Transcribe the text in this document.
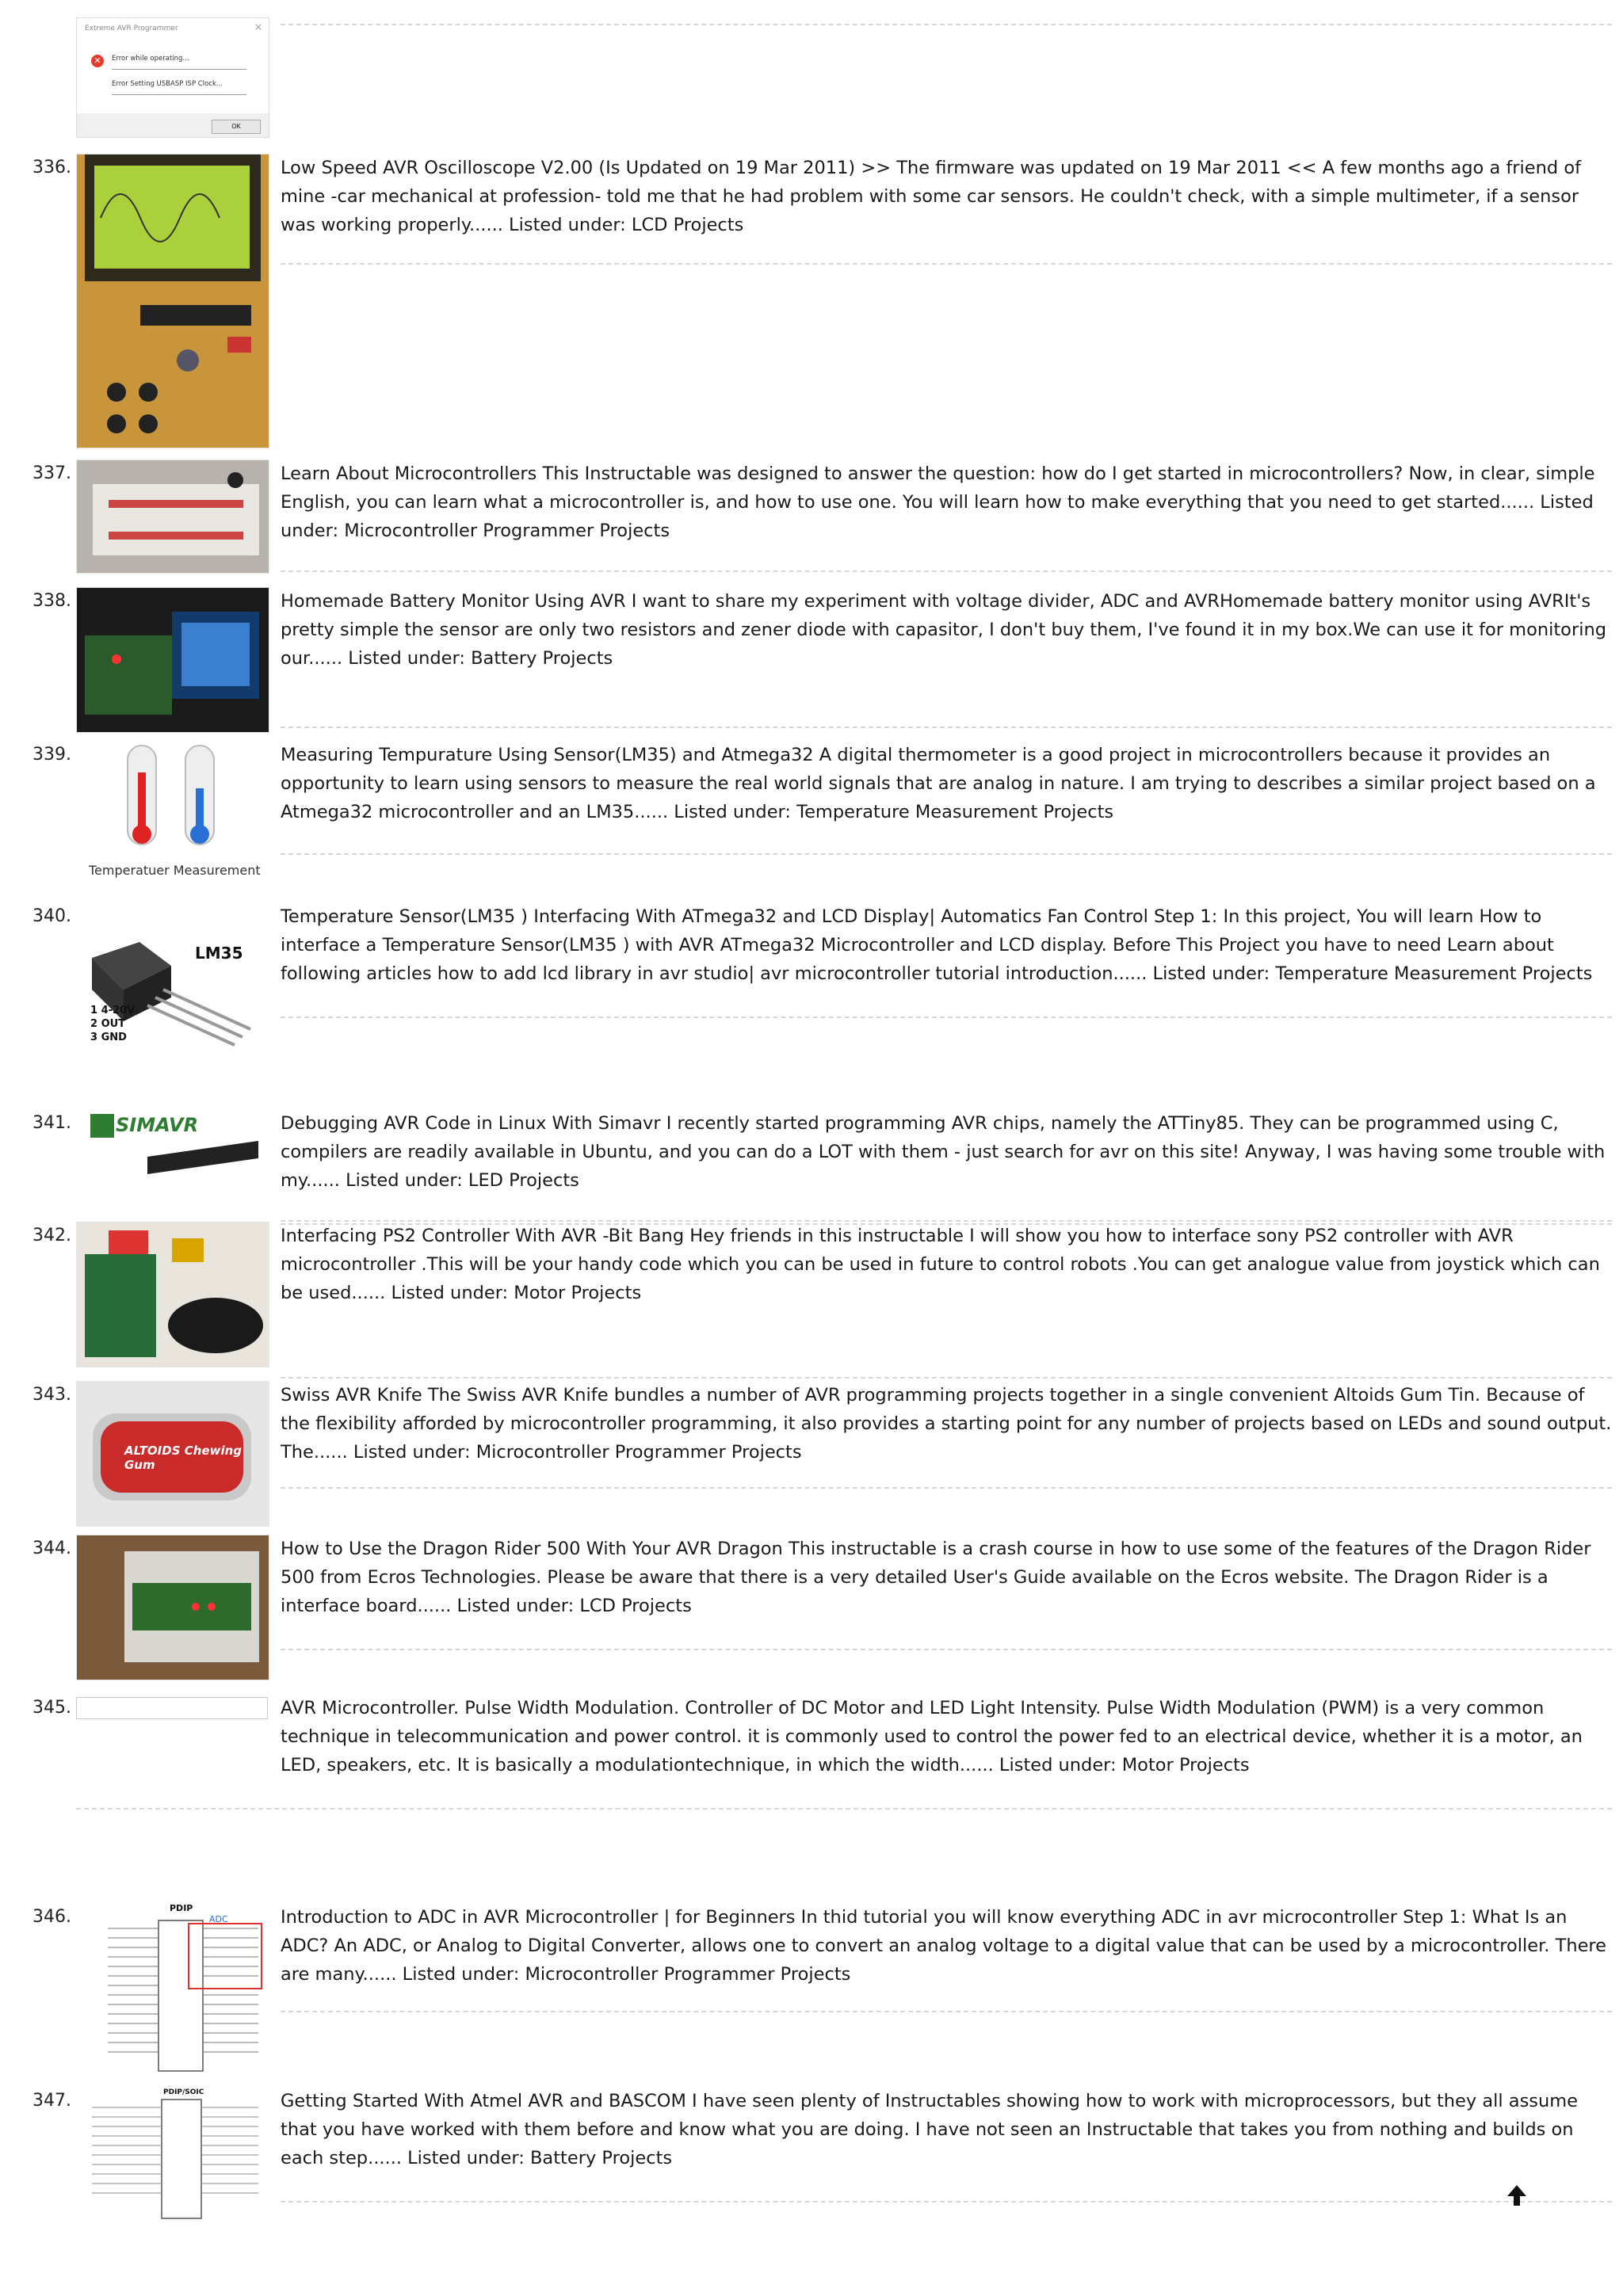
Extreme AVR Programmer	×
✕	Error while operating...
Error Setting USBASP ISP Clock...
OK
336.	Low Speed AVR Oscilloscope V2.00 (Is Updated on 19 Mar 2011) >> The firmware was updated on 19 Mar 2011 << A few months ago a friend of mine -car mechanical at profession- told me that he had problem with some car sensors. He couldn't check, with a simple multimeter, if a sensor was working properly...... Listed under: LCD Projects
337.	Learn About Microcontrollers This Instructable was designed to answer the question: how do I get started in microcontrollers? Now, in clear, simple English, you can learn what a microcontroller is, and how to use one. You will learn how to make everything that you need to get started...... Listed under: Microcontroller Programmer Projects
338.	Homemade Battery Monitor Using AVR I want to share my experiment with voltage divider, ADC and AVRHomemade battery monitor using AVRIt's pretty simple the sensor are only two resistors and zener diode with capasitor, I don't buy them, I've found it in my box.We can use it for monitoring our...... Listed under: Battery Projects
339.
Temperatuer Measurement
Measuring Tempurature Using Sensor(LM35) and Atmega32 A digital thermometer is a good project in microcontrollers because it provides an opportunity to learn using sensors to measure the real world signals that are analog in nature. I am trying to describes a similar project based on a Atmega32 microcontroller and an LM35...... Listed under: Temperature Measurement Projects
340.
LM35
1 4-20V
2 OUT
3 GND
Temperature Sensor(LM35 ) Interfacing With ATmega32 and LCD Display| Automatics Fan Control Step 1: In this project, You will learn How to interface a Temperature Sensor(LM35 ) with AVR ATmega32 Microcontroller and LCD display. Before This Project you have to need Learn about following articles how to add lcd library in avr studio| avr microcontroller tutorial introduction...... Listed under: Temperature Measurement Projects
341. SIMAVR	Debugging AVR Code in Linux With Simavr I recently started programming AVR chips, namely the ATTiny85. They can be programmed using C, compilers are readily available in Ubuntu, and you can do a LOT with them - just search for avr on this site! Anyway, I was having some trouble with my...... Listed under: LED Projects
342.	Interfacing PS2 Controller With AVR -Bit Bang Hey friends in this instructable I will show you how to interface sony PS2 controller with AVR microcontroller .This will be your handy code which you can be used in future to control robots .You can get analogue value from joystick which can be used...... Listed under: Motor Projects
343.
ALTOIDS Chewing Gum
Swiss AVR Knife The Swiss AVR Knife bundles a number of AVR programming projects together in a single convenient Altoids Gum Tin. Because of the flexibility afforded by microcontroller programming, it also provides a starting point for any number of projects based on LEDs and sound output. The...... Listed under: Microcontroller Programmer Projects
344.	How to Use the Dragon Rider 500 With Your AVR Dragon This instructable is a crash course in how to use some of the features of the Dragon Rider 500 from Ecros Technologies. Please be aware that there is a very detailed User's Guide available on the Ecros website. The Dragon Rider is a interface board...... Listed under: LCD Projects
345.	AVR Microcontroller. Pulse Width Modulation. Controller of DC Motor and LED Light Intensity. Pulse Width Modulation (PWM) is a very common technique in telecommunication and power control. it is commonly used to control the power fed to an electrical device, whether it is a motor, an LED, speakers, etc. It is basically a modulationtechnique, in which the width...... Listed under: Motor Projects
346.	PDIP
ADC	Introduction to ADC in AVR Microcontroller | for Beginners In thid tutorial you will know everything ADC in avr microcontroller Step 1: What Is an ADC? An ADC, or Analog to Digital Converter, allows one to convert an analog voltage to a digital value that can be used by a microcontroller. There are many...... Listed under: Microcontroller Programmer Projects
347.	PDIP/SOIC	Getting Started With Atmel AVR and BASCOM I have seen plenty of Instructables showing how to work with microprocessors, but they all assume that you have worked with them before and know what you are doing. I have not seen an Instructable that takes you from nothing and builds on each step...... Listed under: Battery Projects
